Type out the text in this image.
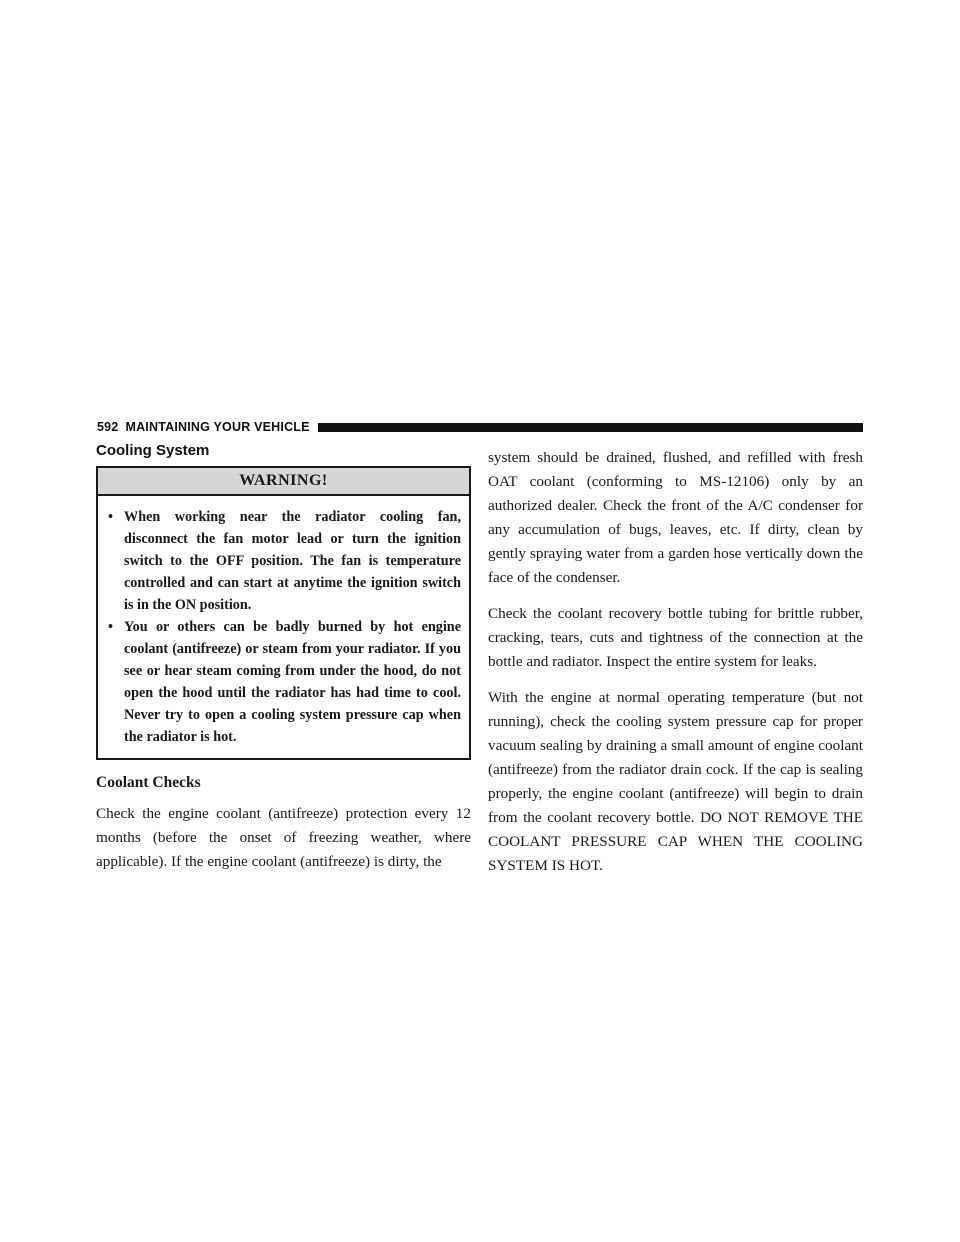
592 MAINTAINING YOUR VEHICLE
Cooling System
WARNING!
• When working near the radiator cooling fan, disconnect the fan motor lead or turn the ignition switch to the OFF position. The fan is temperature controlled and can start at anytime the ignition switch is in the ON position.
• You or others can be badly burned by hot engine coolant (antifreeze) or steam from your radiator. If you see or hear steam coming from under the hood, do not open the hood until the radiator has had time to cool. Never try to open a cooling system pressure cap when the radiator is hot.
Coolant Checks

Check the engine coolant (antifreeze) protection every 12 months (before the onset of freezing weather, where applicable). If the engine coolant (antifreeze) is dirty, the

system should be drained, flushed, and refilled with fresh OAT coolant (conforming to MS-12106) only by an authorized dealer. Check the front of the A/C condenser for any accumulation of bugs, leaves, etc. If dirty, clean by gently spraying water from a garden hose vertically down the face of the condenser.

Check the coolant recovery bottle tubing for brittle rubber, cracking, tears, cuts and tightness of the connection at the bottle and radiator. Inspect the entire system for leaks.

With the engine at normal operating temperature (but not running), check the cooling system pressure cap for proper vacuum sealing by draining a small amount of engine coolant (antifreeze) from the radiator drain cock. If the cap is sealing properly, the engine coolant (antifreeze) will begin to drain from the coolant recovery bottle. DO NOT REMOVE THE COOLANT PRESSURE CAP WHEN THE COOLING SYSTEM IS HOT.
